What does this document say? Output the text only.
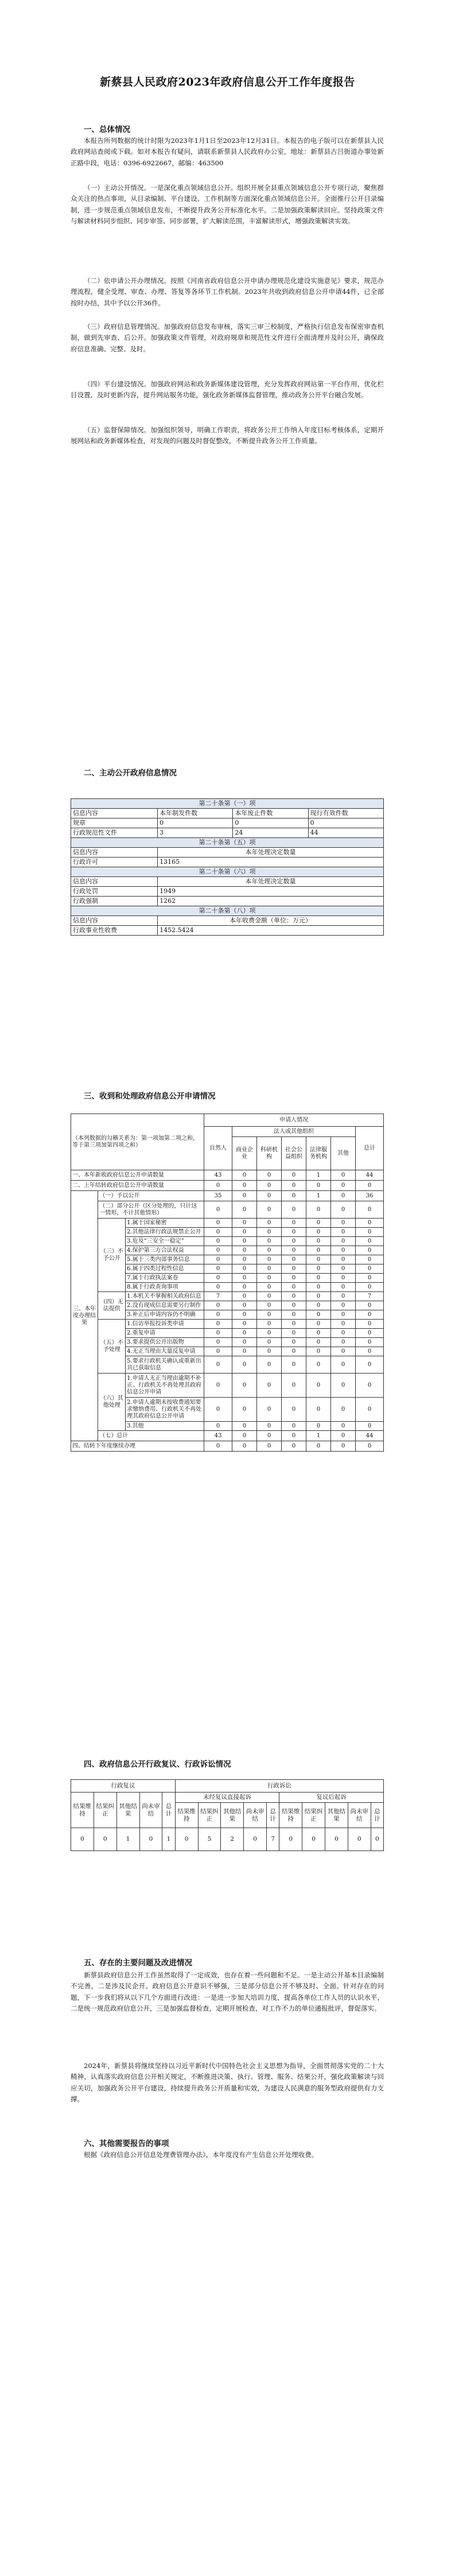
新蔡县人民政府2023年政府信息公开工作年度报告
一、总体情况

本报告所列数据的统计时限为2023年1月1日至2023年12月31日。本报告的电子版可以在新蔡县人民政府网站查阅或下载。如对本报告有疑问，请联系新蔡县人民政府办公室，地址：新蔡县古吕街道办事处新正路中段，电话：0396-6922667，邮编：463500

（一）主动公开情况。一是深化重点领域信息公开。组织开展全县重点领域信息公开专项行动，聚焦群众关注的热点事项，从目录编制、平台建设、工作机制等方面深化重点领域信息公开。全面推行公开目录编制，进一步规范重点领域信息发布，不断提升政务公开标准化水平。二是加强政策解读回应。坚持政策文件与解读材料同步组织、同步审签、同步部署，扩大解读范围，丰富解读形式，增强政策解读实效。

（二）依申请公开办理情况。按照《河南省政府信息公开申请办理规范化建设实施意见》要求，规范办理流程，健全受理、审查、办理、答复等各环节工作机制。2023年共收到政府信息公开申请44件，已全部按时办结，其中予以公开36件。

（三）政府信息管理情况。加强政府信息发布审核，落实三审三校制度，严格执行信息发布保密审查机制，做到先审查、后公开。加强政策文件管理，对政府规章和规范性文件进行全面清理并及时公开，确保政府信息准确、完整、及时。

（四）平台建设情况。加强政府网站和政务新媒体建设管理，充分发挥政府网站第一平台作用，优化栏目设置，及时更新内容，提升网站服务功能，强化政务新媒体监督管理，推动政务公开平台融合发展。

（五）监督保障情况。加强组织领导，明确工作职责，将政务公开工作纳入年度目标考核体系，定期开展网站和政务新媒体检查，对发现的问题及时督促整改，不断提升政务公开工作质量。

二、主动公开政府信息情况
第二十条第（一）项			
信息内容	本年制发件数	本年废止件数	现行有效件数
规章	0	0	0
行政规范性文件	3	24	44
第二十条第（五）项			
信息内容	本年处理决定数量		
行政许可	13165		
第二十条第（六）项			
信息内容	本年处理决定数量		
行政处罚	1949		
行政强制	1262		
第二十条第（八）项			
信息内容	本年收费金额（单位：万元）		
行政事业性收费	1452.5424		
三、收到和处理政府信息公开申请情况
（本列数据的勾稽关系为：第一项加第二项之和，等于第三项加第四项之和）			申请人情况						
			自然人	法人或其他组织					总计
				商业企业	科研机构	社会公益组织	法律服务机构	其他	
一、本年新收政府信息公开申请数量			43	0	0	0	1	0	44
二、上年结转政府信息公开申请数量			0	0	0	0	0	0	0
三、本年度办理结果	（一）予以公开		35	0	0	0	1	0	36
	（二）部分公开（区分处理的，只计这一情形，不计其他情形）		0	0	0	0	0	0	0
	（三）不予公开	1.属于国家秘密	0	0	0	0	0	0	0
		2.其他法律行政法规禁止公开	0	0	0	0	0	0	0
		3.危及“三安全一稳定”	0	0	0	0	0	0	0
		4.保护第三方合法权益	0	0	0	0	0	0	0
		5.属于三类内部事务信息	0	0	0	0	0	0	0
		6.属于四类过程性信息	0	0	0	0	0	0	0
		7.属于行政执法案卷	0	0	0	0	0	0	0
		8.属于行政查询事项	0	0	0	0	0	0	0
	（四）无法提供	1.本机关不掌握相关政府信息	7	0	0	0	0	0	7
		2.没有现成信息需要另行制作	0	0	0	0	0	0	0
		3.补正后申请内容仍不明确	0	0	0	0	0	0	0
	（五）不予处理	1.信访举报投诉类申请	0	0	0	0	0	0	0
		2.重复申请	0	0	0	0	0	0	0
		3.要求提供公开出版物	0	0	0	0	0	0	0
		4.无正当理由大量反复申请	0	0	0	0	0	0	0
		5.要求行政机关确认或重新出具已获取信息	0	0	0	0	0	0	0
	（六）其他处理	1.申请人无正当理由逾期不补正、行政机关不再处理其政府信息公开申请	0	0	0	0	0	0	0
		2.申请人逾期未按收费通知要求缴纳费用、行政机关不再处理其政府信息公开申请	0	0	0	0	0	0	0
		3.其他	0	0	0	0	0	0	0
	（七）总计		43	0	0	0	1	0	44
四、结转下年度继续办理			0	0	0	0	0	0	0
四、政府信息公开行政复议、行政诉讼情况
行政复议					行政诉讼									
结果维持	结果纠正	其他结果	尚未审结	总计	未经复议直接起诉					复议后起诉				
					结果维持	结果纠正	其他结果	尚未审结	总计	结果维持	结果纠正	其他结果	尚未审结	总计
0	0	1	0	1	0	5	2	0	7	0	0	0	0	0
五、存在的主要问题及改进情况

新蔡县政府信息公开工作虽然取得了一定成效，也存在着一些问题和不足。一是主动公开基本目录编制不完善，二是涉及民企开。政府信息公开意识不够强，三是部分信息公开不够及时、全面。针对存在的问题，下一步我们将从以下几个方面进行改进：一是进一步加大培训力度，提高各单位工作人员的认识水平，二是统一规范政府信息公开，三是加强监督检查，定期开展检查，对工作不力的单位通报批评，督促落实。

2024年，新蔡县将继续坚持以习近平新时代中国特色社会主义思想为指导，全面贯彻落实党的二十大精神，认真落实政府信息公开相关规定，不断推进决策、执行、管理、服务、结果公开，强化政策解读与回应关切，加强政务公开平台建设，持续提升政务公开质量和实效，为建设人民满意的服务型政府提供有力支撑。

六、其他需要报告的事项

根据《政府信息公开信息处理费管理办法》，本年度没有产生信息公开处理收费。
